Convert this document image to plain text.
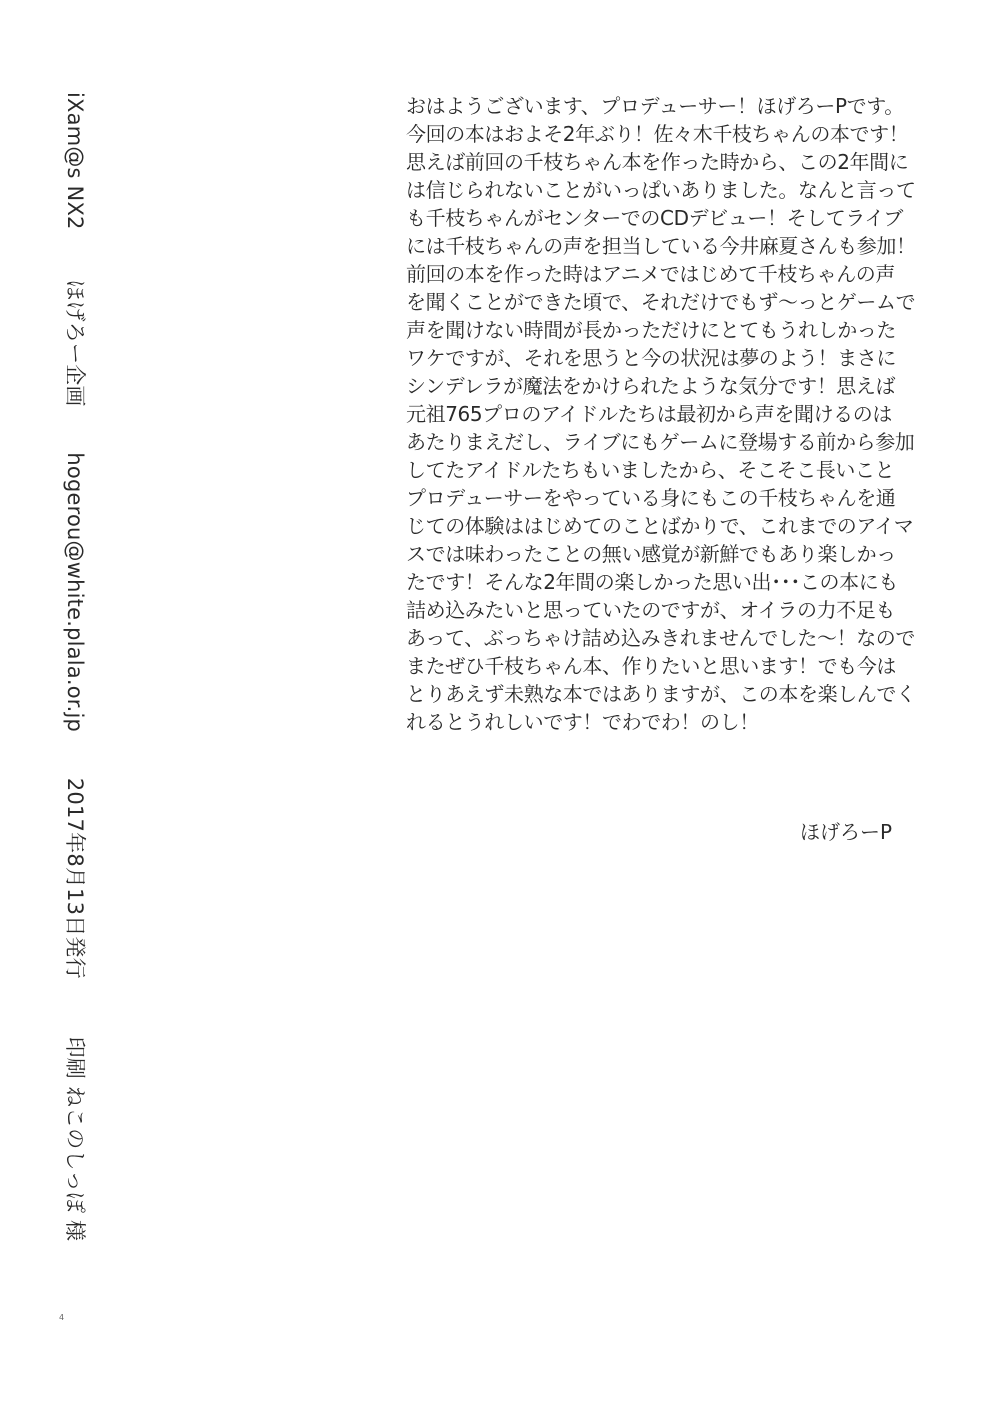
iXam@s NX2  ほげろー企画  hogerou@white.plala.or.jp  2017年8月13日発行  印刷 ねこのしっぽ 様
おはようございます、プロデューサー！ほげろーPです。
今回の本はおよそ2年ぶり！佐々木千枝ちゃんの本です！
思えば前回の千枝ちゃん本を作った時から、この2年間に
は信じられないことがいっぱいありました。なんと言って
も千枝ちゃんがセンターでのCDデビュー！そしてライブ
には千枝ちゃんの声を担当している今井麻夏さんも参加！
前回の本を作った時はアニメではじめて千枝ちゃんの声
を聞くことができた頃で、それだけでもず～っとゲームで
声を聞けない時間が長かっただけにとてもうれしかった
ワケですが、それを思うと今の状況は夢のよう！まさに
シンデレラが魔法をかけられたような気分です！思えば
元祖765プロのアイドルたちは最初から声を聞けるのは
あたりまえだし、ライブにもゲームに登場する前から参加
してたアイドルたちもいましたから、そこそこ長いこと
プロデューサーをやっている身にもこの千枝ちゃんを通
じての体験ははじめてのことばかりで、これまでのアイマ
スでは味わったことの無い感覚が新鮮でもあり楽しかっ
たです！そんな2年間の楽しかった思い出･･･この本にも
詰め込みたいと思っていたのですが、オイラの力不足も
あって、ぶっちゃけ詰め込みきれませんでした～！なので
またぜひ千枝ちゃん本、作りたいと思います！でも今は
とりあえず未熟な本ではありますが、この本を楽しんでく
れるとうれしいです！でわでわ！のし！
ほげろーP
4
